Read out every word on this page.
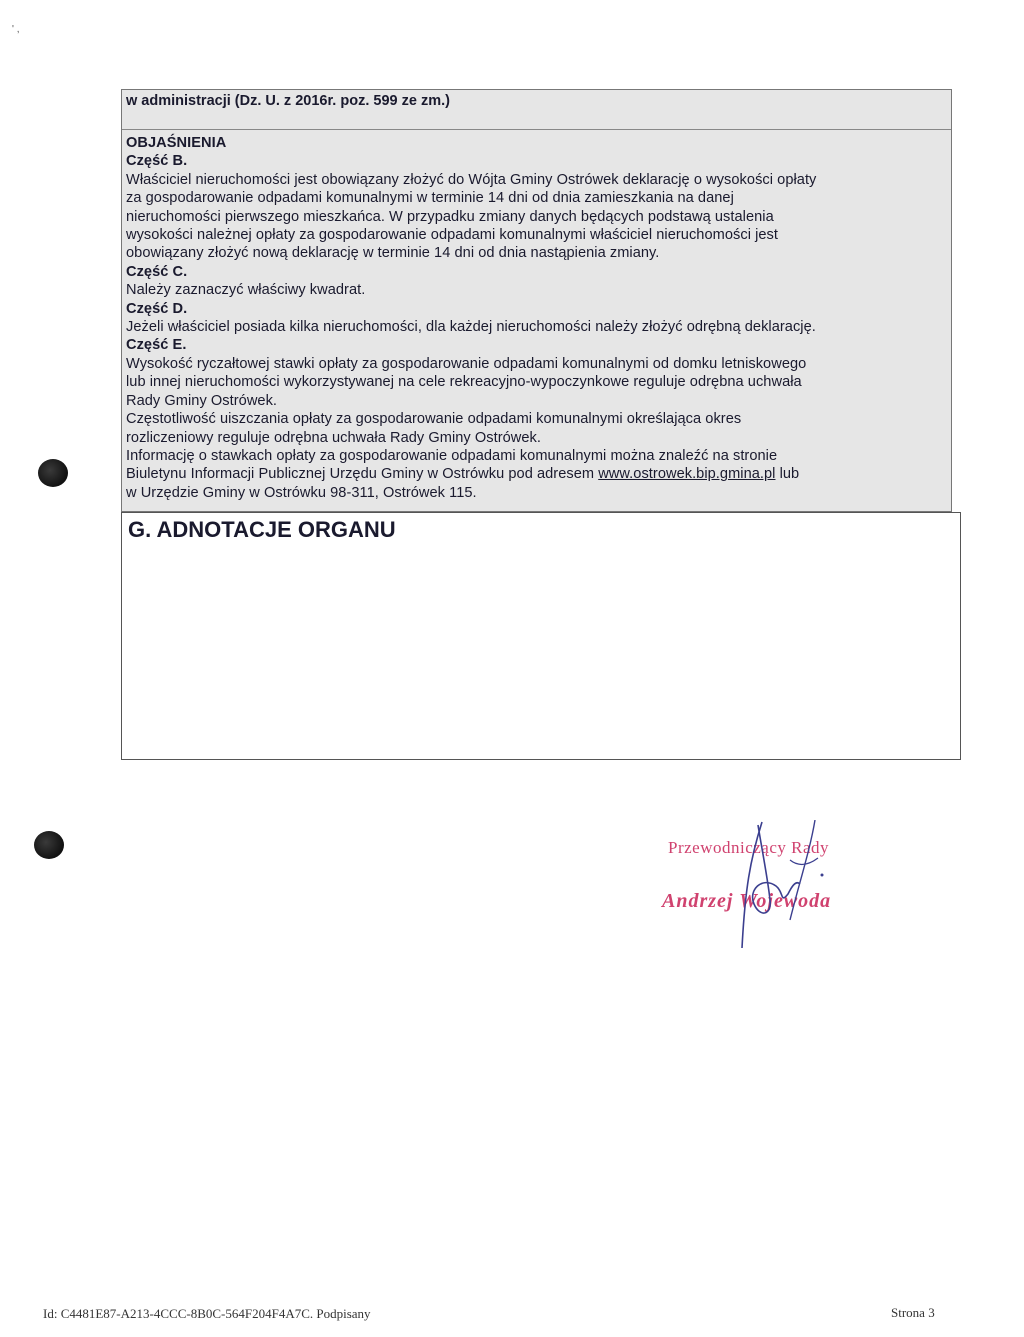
' ,
w administracji (Dz. U. z 2016r. poz. 599 ze zm.)
OBJAŚNIENIA
Część B.
Właściciel nieruchomości jest obowiązany złożyć do Wójta Gminy Ostrówek deklarację o wysokości opłaty
za gospodarowanie odpadami komunalnymi w terminie 14 dni od dnia zamieszkania na danej
nieruchomości pierwszego mieszkańca. W przypadku zmiany danych będących podstawą ustalenia
wysokości należnej opłaty za gospodarowanie odpadami komunalnymi właściciel nieruchomości jest
obowiązany złożyć nową deklarację w terminie 14 dni od dnia nastąpienia zmiany.
Część C.
Należy zaznaczyć właściwy kwadrat.
Część D.
Jeżeli właściciel posiada kilka nieruchomości, dla każdej nieruchomości należy złożyć odrębną deklarację.
Część E.
Wysokość ryczałtowej stawki opłaty za gospodarowanie odpadami komunalnymi od domku letniskowego
lub innej nieruchomości wykorzystywanej na cele rekreacyjno-wypoczynkowe reguluje odrębna uchwała
Rady Gminy Ostrówek.
Częstotliwość uiszczania opłaty za gospodarowanie odpadami komunalnymi określająca okres
rozliczeniowy reguluje odrębna uchwała Rady Gminy Ostrówek.
Informację o stawkach opłaty za gospodarowanie odpadami komunalnymi można znaleźć na stronie
Biuletynu Informacji Publicznej Urzędu Gminy w Ostrówku pod adresem www.ostrowek.bip.gmina.pl lub
w Urzędzie Gminy w Ostrówku 98-311, Ostrówek 115.
G. ADNOTACJE ORGANU
Przewodniczący Rady
Andrzej Wojewoda
Id: C4481E87-A213-4CCC-8B0C-564F204F4A7C. Podpisany	Strona 3
